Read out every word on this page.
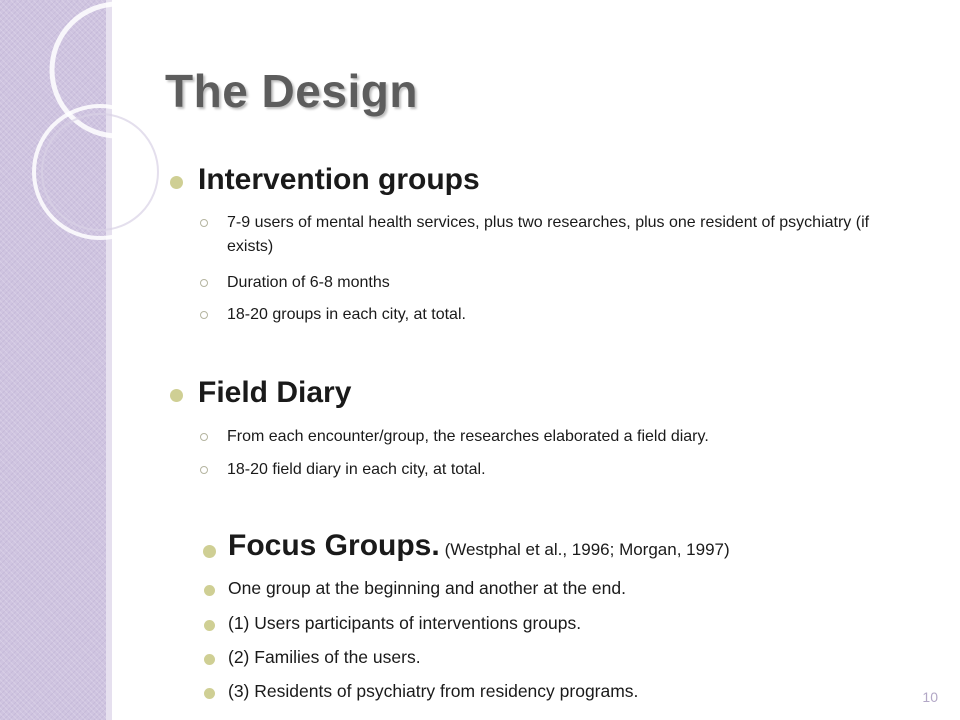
The Design
Intervention groups

7-9 users of mental health services, plus two researches, plus one resident of psychiatry (if exists)

Duration of 6-8 months

18-20 groups in each city, at total.

Field Diary

From each encounter/group, the researches elaborated a field diary.

18-20 field diary in each city, at total.

Focus Groups. (Westphal et al., 1996; Morgan, 1997)

One group at the beginning and another at the end.

(1) Users participants of interventions groups.

(2) Families of the users.

(3) Residents of psychiatry from residency programs.	10
